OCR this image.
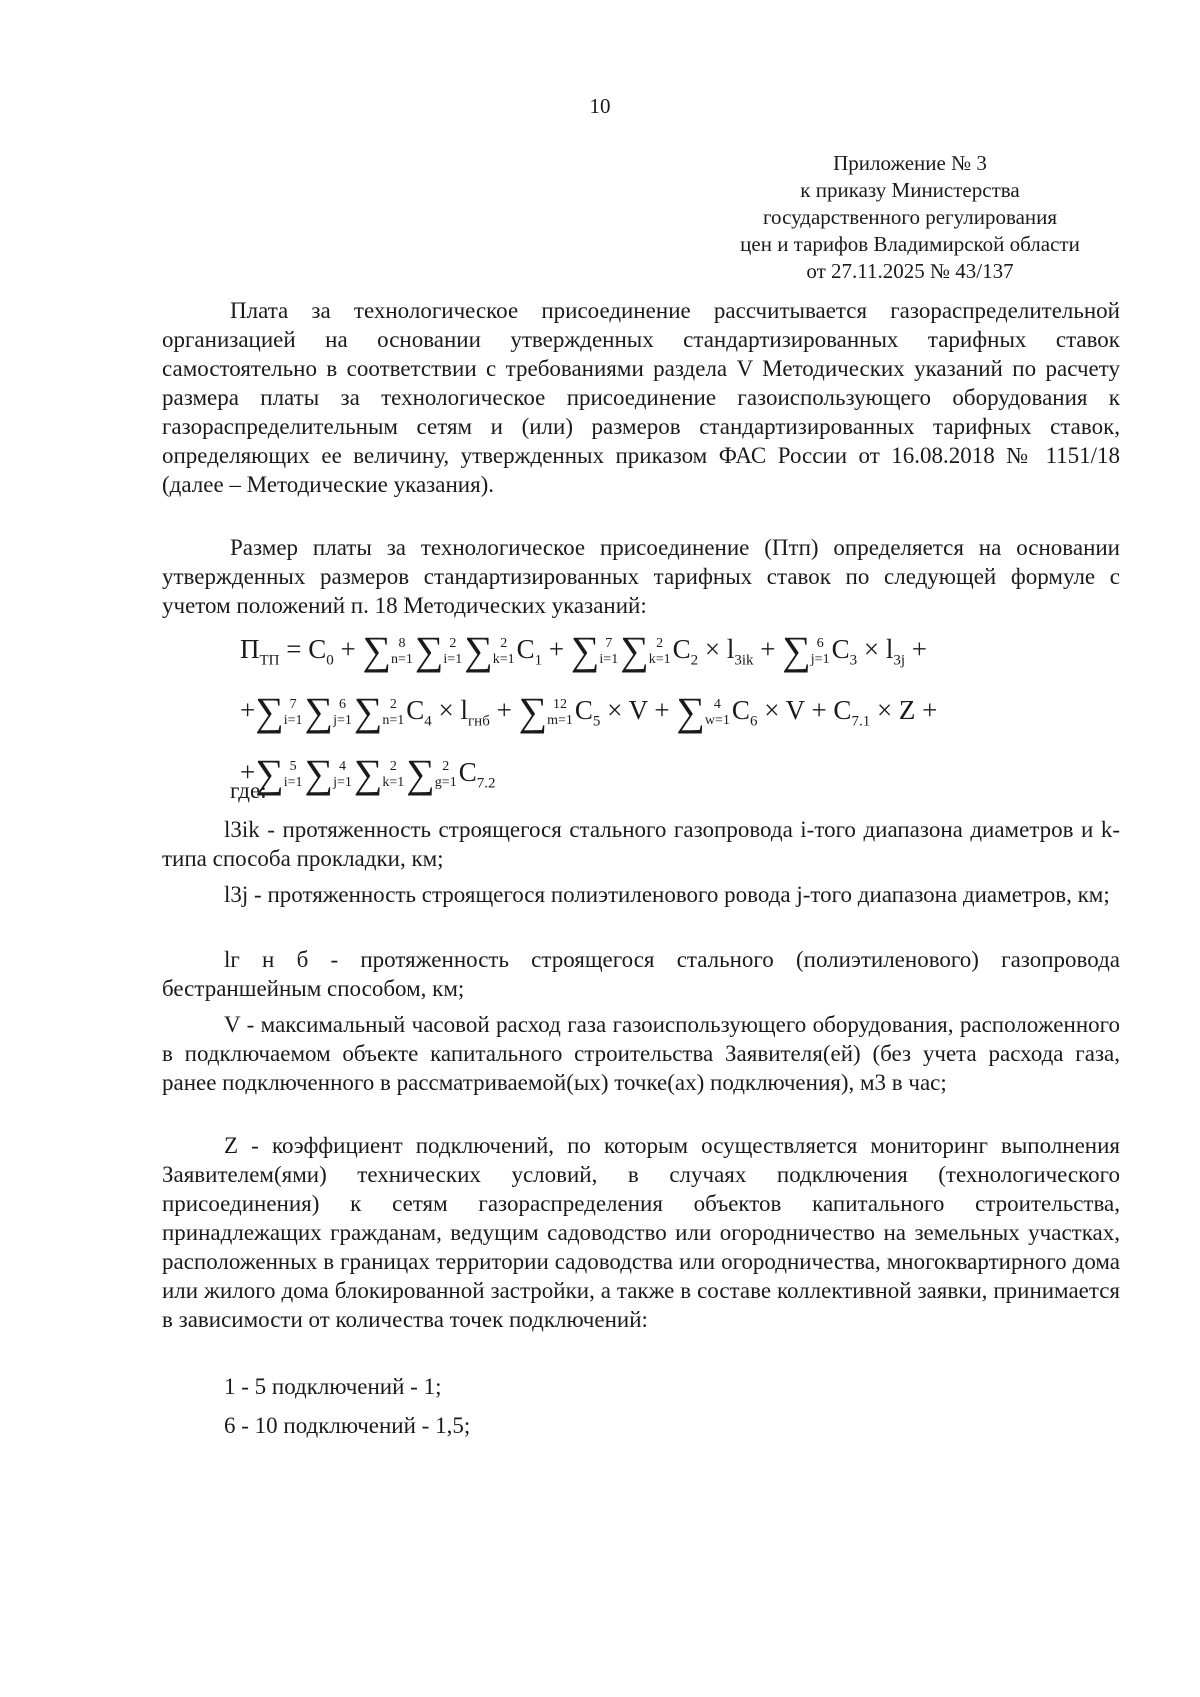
10
Приложение № 3
к приказу Министерства
государственного регулирования
цен и тарифов Владимирской области
от 27.11.2025 № 43/137

Плата за технологическое присоединение рассчитывается газораспределительной организацией на основании утвержденных стандартизированных тарифных ставок самостоятельно в соответствии с требованиями раздела V Методических указаний по расчету размера платы за технологическое присоединение газоиспользующего оборудования к газораспределительным сетям и (или) размеров стандартизированных тарифных ставок, определяющих ее величину, утвержденных приказом ФАС России от 16.08.2018 № 1151/18 (далее – Методические указания).

Размер платы за технологическое присоединение (Птп) определяется на основании утвержденных размеров стандартизированных тарифных ставок по следующей формуле с учетом положений п. 18 Методических указаний:

$П_{ТП} = C_0$ + ∑ 8
n=1 ∑ 2
i=1 ∑ 2
k=1 $C_1$ + ∑ 7
i=1 ∑ 2
k=1 $C_2 \times l_{3ik}$ + ∑ 6
j=1 $C_3 \times l_{3j}$ +
+∑ 7
i=1 ∑ 6
j=1 ∑ 2
n=1 $C_4 \times l_{гнб}$ + ∑ 12
m=1 $C_5 \times V$ + ∑ 4
w=1 $C_6 \times V + C_{7.1} \times Z$ +
+∑ 5
i=1 ∑ 4
j=1 ∑ 2
k=1 ∑ 2
g=1 $C_{7.2}$
где:

l3ik - протяженность строящегося стального газопровода i-того диапазона диаметров и k-типа способа прокладки, км;

l3j - протяженность строящегося полиэтиленового ровода j-того диапазона диаметров, км;

lг н б - протяженность строящегося стального (полиэтиленового) газопровода бестраншейным способом, км;

V - максимальный часовой расход газа газоиспользующего оборудования, расположенного в подключаемом объекте капитального строительства Заявителя(ей) (без учета расхода газа, ранее подключенного в рассматриваемой(ых) точке(ах) подключения), м3 в час;

Z - коэффициент подключений, по которым осуществляется мониторинг выполнения Заявителем(ями) технических условий, в случаях подключения (технологического присоединения) к сетям газораспределения объектов капитального строительства, принадлежащих гражданам, ведущим садоводство или огородничество на земельных участках, расположенных в границах территории садоводства или огородничества, многоквартирного дома или жилого дома блокированной застройки, а также в составе коллективной заявки, принимается в зависимости от количества точек подключений:

1 - 5 подключений - 1;
6 - 10 подключений - 1,5;
